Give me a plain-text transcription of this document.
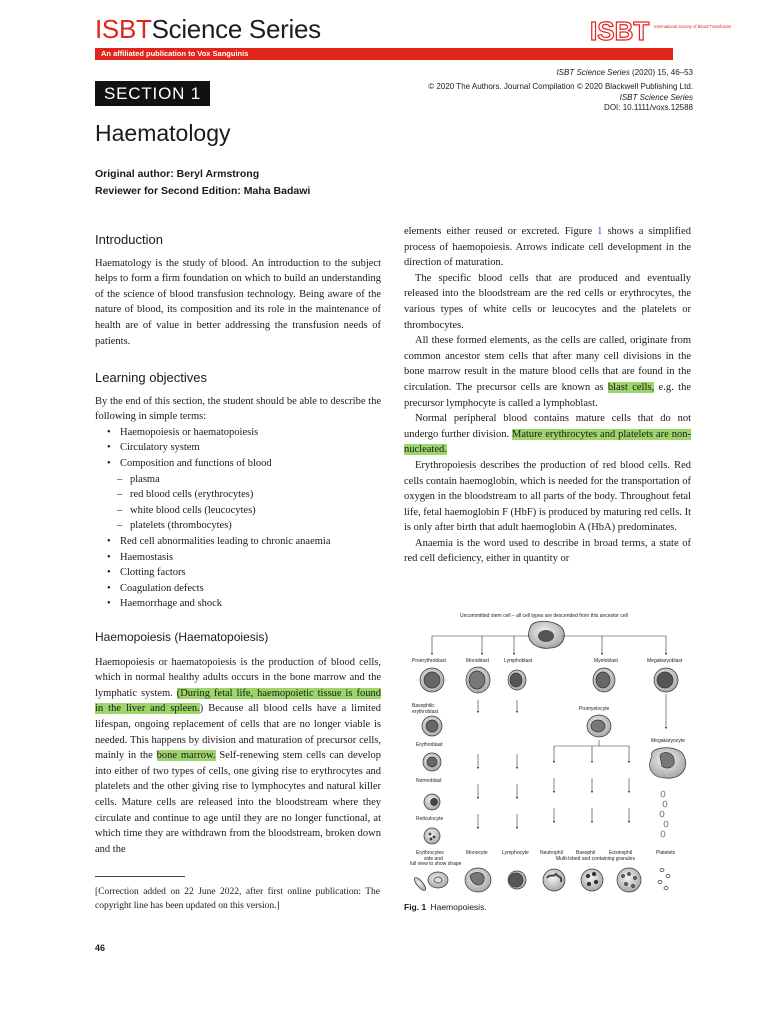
ISBTScience Series
An affiliated publication to Vox Sanguinis
ISBT International Society of Blood Transfusion
ISBT Science Series (2020) 15, 46–53
© 2020 The Authors. Journal Compilation © 2020 Blackwell Publishing Ltd.
ISBT Science Series
DOI: 10.1111/voxs.12588
SECTION 1
Haematology
Original author: Beryl Armstrong
Reviewer for Second Edition: Maha Badawi
Introduction

Haematology is the study of blood. An introduction to the subject helps to form a firm foundation on which to build an understanding of the science of blood transfusion technology. Being aware of the nature of blood, its composition and its role in the maintenance of health are of value in better addressing the transfusion needs of patients.

Learning objectives

By the end of this section, the student should be able to describe the following in simple terms:

• Haemopoiesis or haematopoiesis
• Circulatory system
• Composition and functions of blood
– plasma
– red blood cells (erythrocytes)
– white blood cells (leucocytes)
– platelets (thrombocytes)
• Red cell abnormalities leading to chronic anaemia
• Haemostasis
• Clotting factors
• Coagulation defects
• Haemorrhage and shock
Haemopoiesis (Haematopoiesis)

Haemopoiesis or haematopoiesis is the production of blood cells, which in normal healthy adults occurs in the bone marrow and the lymphatic system. (During fetal life, haemopoietic tissue is found in the liver and spleen.) Because all blood cells have a limited lifespan, ongoing replacement of cells that are no longer viable is needed. This happens by division and maturation of precursor cells, mainly in the bone marrow. Self-renewing stem cells can develop into either of two types of cells, one giving rise to erythrocytes and platelets and the other giving rise to lymphocytes and natural killer cells. Mature cells are released into the bloodstream where they circulate and continue to age until they are no longer functional, at which time they are withdrawn from the bloodstream, broken down and the

[Correction added on 22 June 2022, after first online publication: The copyright line has been updated on this version.]
46

elements either reused or excreted. Figure 1 shows a simplified process of haemopoiesis. Arrows indicate cell development in the direction of maturation.

The specific blood cells that are produced and eventually released into the bloodstream are the red cells or erythrocytes, the various types of white cells or leucocytes and the platelets or thrombocytes.

All these formed elements, as the cells are called, originate from common ancestor stem cells that after many cell divisions in the bone marrow result in the mature blood cells that are found in the circulation. The precursor cells are known as blast cells, e.g. the precursor lymphocyte is called a lymphoblast.

Normal peripheral blood contains mature cells that do not undergo further division. Mature erythrocytes and platelets are non-nucleated.

Erythropoiesis describes the production of red blood cells. Red cells contain haemoglobin, which is needed for the transportation of oxygen in the bloodstream to all parts of the body. Throughout fetal life, fetal haemoglobin F (HbF) is produced by maturing red cells. It is only after birth that adult haemoglobin A (HbA) predominates.

Anaemia is the word used to describe in broad terms, a state of red cell deficiency, either in quantity or

Uncommitted stem cell – all cell types are descended from this ancestor cell
Proerythroblast	Monoblast	Lymphoblast	Myeloblast	Megakaryoblast
Basophilic
erythroblast	Promyelocyte
Megakaryocyte
Erythroblast
Normoblast
Reticulocyte
Erythrocytes
side and
full view to show shape
Monocyte	Lymphocyte Neutrophil	Basophil	Eosinophil
Multi-lobed and containing granules
Platelets
Fig. 1 Haemopoiesis.
